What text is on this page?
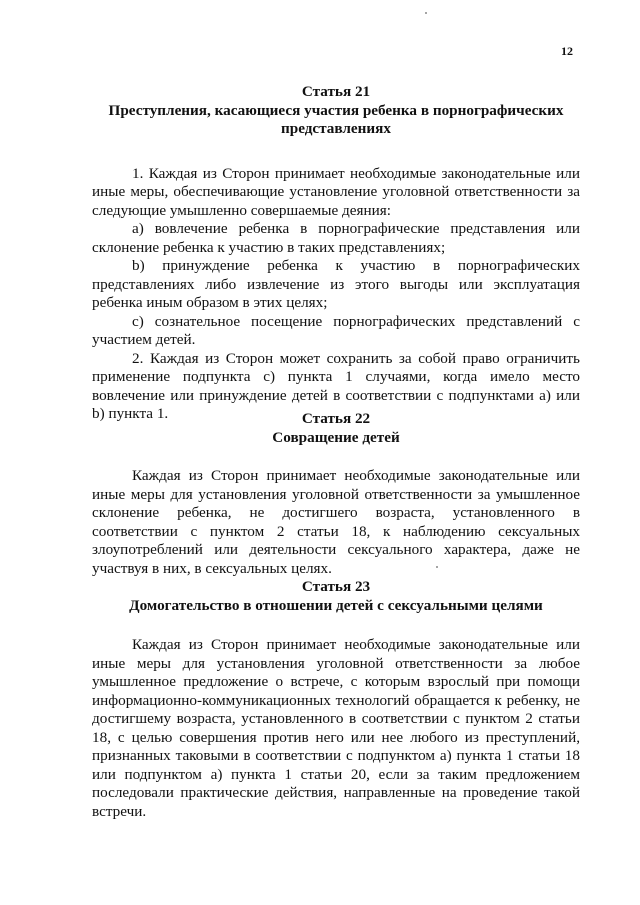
12

Статья 21

Преступления, касающиеся участия ребенка в порнографических

представлениях

1. Каждая из Сторон принимает необходимые законодательные или иные меры, обеспечивающие установление уголовной ответственности за следующие умышленно совершаемые деяния:

а) вовлечение ребенка в порнографические представления или склонение ребенка к участию в таких представлениях;

b) принуждение ребенка к участию в порнографических представлениях либо извлечение из этого выгоды или эксплуатация ребенка иным образом в этих целях;

c) сознательное посещение порнографических представлений с участием детей.

2. Каждая из Сторон может сохранить за собой право ограничить применение подпункта с) пункта 1 случаями, когда имело место вовлечение или принуждение детей в соответствии с подпунктами а) или b) пункта 1.	Статья 22

Совращение детей

Каждая из Сторон принимает необходимые законодательные или иные меры для установления уголовной ответственности за умышленное склонение ребенка, не достигшего возраста, установленного в соответствии с пунктом 2 статьи 18, к наблюдению сексуальных злоупотреблений или деятельности сексуального характера, даже не участвуя в них, в сексуальных целях.

Статья 23

Домогательство в отношении детей с сексуальными целями

Каждая из Сторон принимает необходимые законодательные или иные меры для установления уголовной ответственности за любое умышленное предложение о встрече, с которым взрослый при помощи информационно-коммуникационных технологий обращается к ребенку, не достигшему возраста, установленного в соответствии с пунктом 2 статьи 18, с целью совершения против него или нее любого из преступлений, признанных таковыми в соответствии с подпунктом а) пункта 1 статьи 18 или подпунктом а) пункта 1 статьи 20, если за таким предложением последовали практические действия, направленные на проведение такой встречи.
